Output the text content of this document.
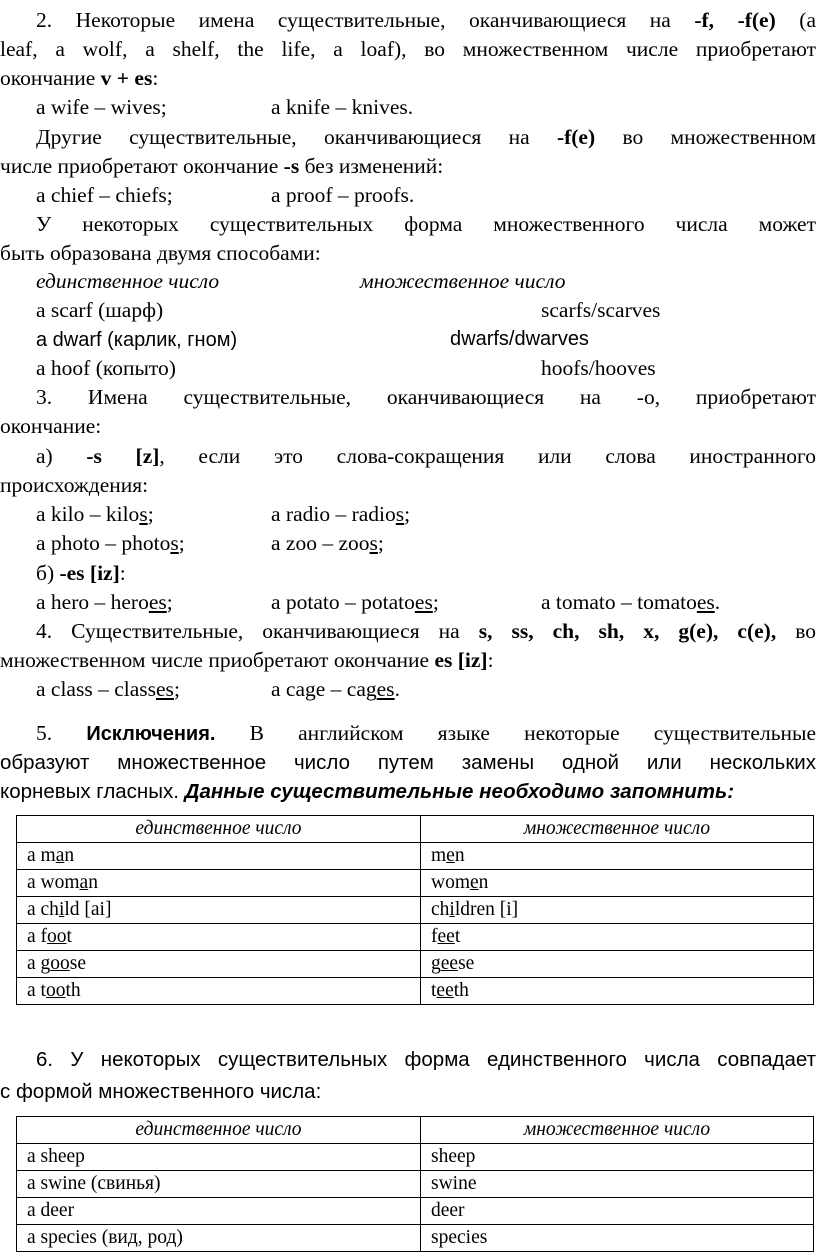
2. Некоторые имена существительные, оканчивающиеся на -f, -f(e) (a
leaf, a wolf, a shelf, the life, a loaf), во множественном числе приобретают
окончание v + es:
a wife – wives;	a knife – knives.
Другие существительные, оканчивающиеся на -f(e) во множественном
числе приобретают окончание -s без изменений:
a chief – chiefs;	a proof – proofs.
У некоторых существительных форма множественного числа может
быть образована двумя способами:
единственное число	множественное число
a scarf (шарф)	scarfs/scarves
a dwarf (карлик, гном)	dwarfs/dwarves
a hoof (копыто)	hoofs/hooves
3. Имена существительные, оканчивающиеся на -o, приобретают
окончание:
а) -s [z], если это слова-сокращения или слова иностранного
происхождения:
a kilo – kilos;	a radio – radios;
a photo – photos;	a zoo – zoos;
б) -es [iz]:
a hero – heroes;	a potato – potatoes;	a tomato – tomatoes.
4. Существительные, оканчивающиеся на s, ss, ch, sh, x, g(e), c(e), во
множественном числе приобретают окончание es [iz]:
a class – classes;	a cage – cages.
5. Исключения. В английском языке некоторые существительные
образуют множественное число путем замены одной или нескольких
корневых гласных. Данные существительные необходимо запомнить:
единственное число	множественное число
a man	men
a woman	women
a child [ai]	children [i]
a foot	feet
a goose	geese
a tooth	teeth
6. У некоторых существительных форма единственного числа совпадает
с формой множественного числа:
единственное число	множественное число
a sheep	sheep
a swine (свинья)	swine
a deer	deer
a species (вид, род)	species
